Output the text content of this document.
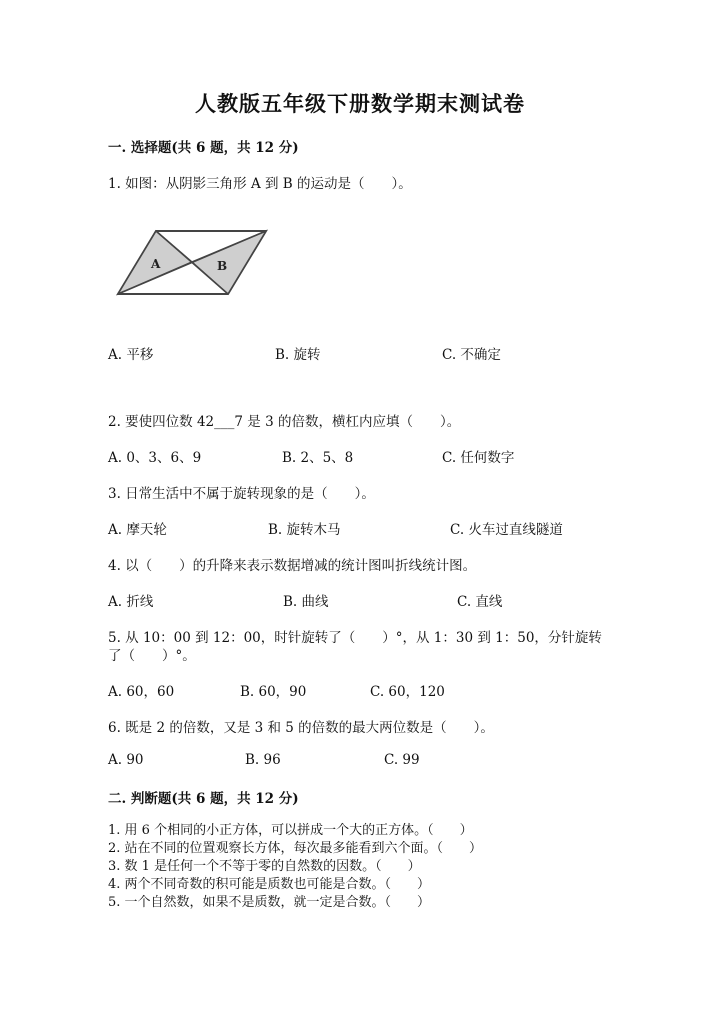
人教版五年级下册数学期末测试卷
一. 选择题(共 6 题，共 12 分)
1. 如图：从阴影三角形 A 到 B 的运动是（　　）。
A	B
A. 平移	B. 旋转	C. 不确定
2. 要使四位数 42___7 是 3 的倍数，横杠内应填（　　）。
A. 0、3、6、9	B. 2、5、8	C. 任何数字
3. 日常生活中不属于旋转现象的是（　　）。
A. 摩天轮	B. 旋转木马	C. 火车过直线隧道
4. 以（　　）的升降来表示数据增减的统计图叫折线统计图。
A. 折线	B. 曲线	C. 直线
5. 从 10：00 到 12：00，时针旋转了（　　）°，从 1：30 到 1：50，分针旋转
了（　　）°。
A. 60，60	B. 60，90	C. 60，120
6. 既是 2 的倍数，又是 3 和 5 的倍数的最大两位数是（　　）。
A. 90	B. 96	C. 99
二. 判断题(共 6 题，共 12 分)
1. 用 6 个相同的小正方体，可以拼成一个大的正方体。（　　）
2. 站在不同的位置观察长方体，每次最多能看到六个面。（　　）
3. 数 1 是任何一个不等于零的自然数的因数。（　　）
4. 两个不同奇数的积可能是质数也可能是合数。（　　）
5. 一个自然数，如果不是质数，就一定是合数。（　　）
